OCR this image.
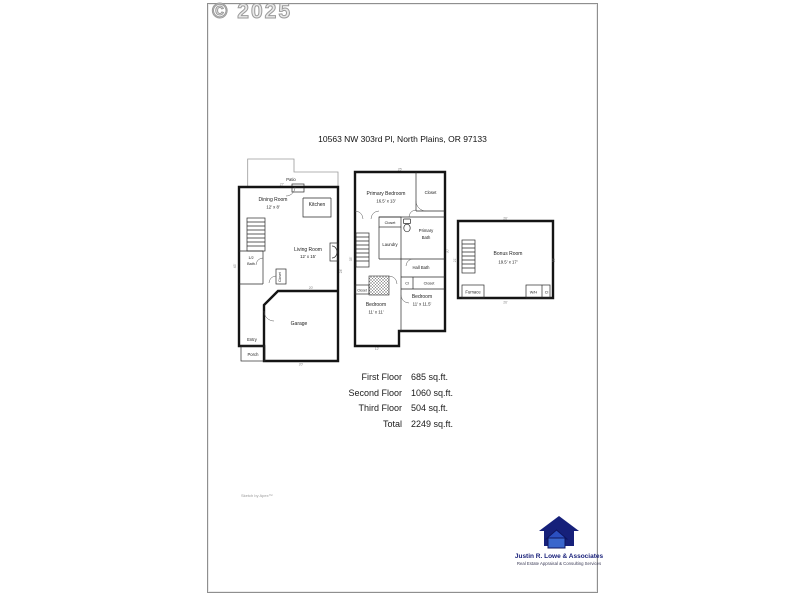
© 2025
10563 NW 303rd Pl, North Plains, OR 97133
Patio
Dining Room
12' x 8'	Kitchen
Living Room
12' x 15'
1/2
Bath
Closet
Garage
Entry
Porch
27'
20'
20'
43'
24'
Primary Bedroom
16.5' x 13'
Closet
Closet
Laundry
Primary
Bath
Hall Bath
Cl	Closet
Closet
Bedroom
11' x 11'
Bedroom
11' x 11.5'
25'
12'
35'
30'	Bonus Room
19.5' x 17'
Furnace	W/H Cl
26'
26'
21'	21'
First Floor 685 sq.ft.
Second Floor 1060 sq.ft.
Third Floor 504 sq.ft.
Total 2249 sq.ft.
Sketch by Apex™
Justin R. Lowe & Associates
Real Estate Appraisal & Consulting Services
